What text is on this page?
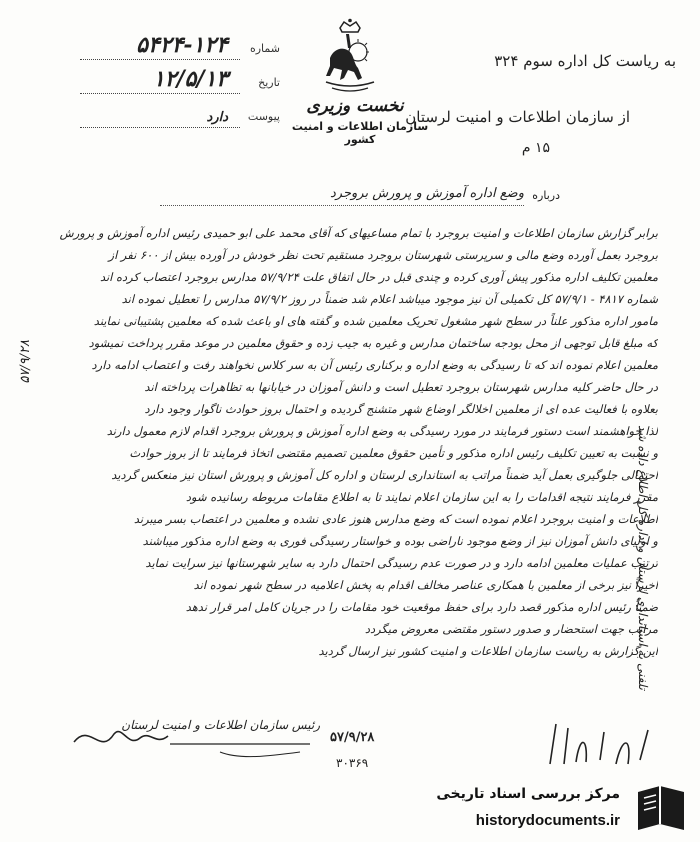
شماره
۵۴۲۴-۱۲۴
تاریخ
۱۲/۵/۱۳
پیوست
دارد
نخست وزیری
سازمان اطلاعات و امنیت کشور
به ریاست کل اداره سوم ۳۲۴
از سازمان اطلاعات و امنیت لرستان
۱۵ م
درباره
وضع اداره آموزش و پرورش بروجرد
برابر گزارش سازمان اطلاعات و امنیت بروجرد با تمام مساعیهای که آقای محمد علی ابو حمیدی رئیس اداره آموزش و پرورش
بروجرد بعمل آورده وضع مالی و سرپرستی شهرستان بروجرد مستقیم تحت نظر خودش در آورده بیش از ۶۰۰ نفر از
معلمین تکلیف اداره مذکور پیش آوری کرده و چندی قبل در حال اتفاق علت ۵۷/۹/۲۴ مدارس بروجرد اعتصاب کرده اند
شماره ۴۸۱۷ - ۵۷/۹/۱ کل تکمیلی آن نیز موجود میباشد اعلام شد ضمناً در روز ۵۷/۹/۲ مدارس را تعطیل نموده اند
مامور اداره مذکور علناً در سطح شهر مشغول تحریک معلمین شده و گفته های او باعث شده که معلمین پشتیبانی نمایند
که مبلغ قابل توجهی از محل بودجه ساختمان مدارس و غیره به جیب زده و حقوق معلمین در موعد مقرر پرداخت نمیشود
معلمین اعلام نموده اند که تا رسیدگی به وضع اداره و برکناری رئیس آن به سر کلاس نخواهند رفت و اعتصاب ادامه دارد
در حال حاضر کلیه مدارس شهرستان بروجرد تعطیل است و دانش آموزان در خیابانها به تظاهرات پرداخته اند
بعلاوه با فعالیت عده ای از معلمین اخلالگر اوضاع شهر متشنج گردیده و احتمال بروز حوادث ناگوار وجود دارد
لذا خواهشمند است دستور فرمایند در مورد رسیدگی به وضع اداره آموزش و پرورش بروجرد اقدام لازم معمول دارند
و نسبت به تعیین تکلیف رئیس اداره مذکور و تأمین حقوق معلمین تصمیم مقتضی اتخاذ فرمایند تا از بروز حوادث
احتمالی جلوگیری بعمل آید ضمناً مراتب به استانداری لرستان و اداره کل آموزش و پرورش استان نیز منعکس گردید
مقرر فرمایند نتیجه اقدامات را به این سازمان اعلام نمایند تا به اطلاع مقامات مربوطه رسانیده شود
اطلاعات و امنیت بروجرد اعلام نموده است که وضع مدارس هنوز عادی نشده و معلمین در اعتصاب بسر میبرند
و اولیای دانش آموزان نیز از وضع موجود ناراضی بوده و خواستار رسیدگی فوری به وضع اداره مذکور میباشند
ترتیب عملیات معلمین ادامه دارد و در صورت عدم رسیدگی احتمال دارد به سایر شهرستانها نیز سرایت نماید
اخیراً نیز برخی از معلمین با همکاری عناصر مخالف اقدام به پخش اعلامیه در سطح شهر نموده اند
ضمناً رئیس اداره مذکور قصد دارد برای حفظ موقعیت خود مقامات را در جریان کامل امر قرار ندهد
مراتب جهت استحضار و صدور دستور مقتضی معروض میگردد
این گزارش به ریاست سازمان اطلاعات و امنیت کشور نیز ارسال گردید
تلفنی به استانداری لرستان و اداره کل اطلاع داده شد
۵۷/۹/۲۸
رئیس سازمان اطلاعات و امنیت لرستان
۵۷/۹/۲۸
۳۰۳۶۹
مرکز بررسی اسناد تاریخی
historydocuments.ir
